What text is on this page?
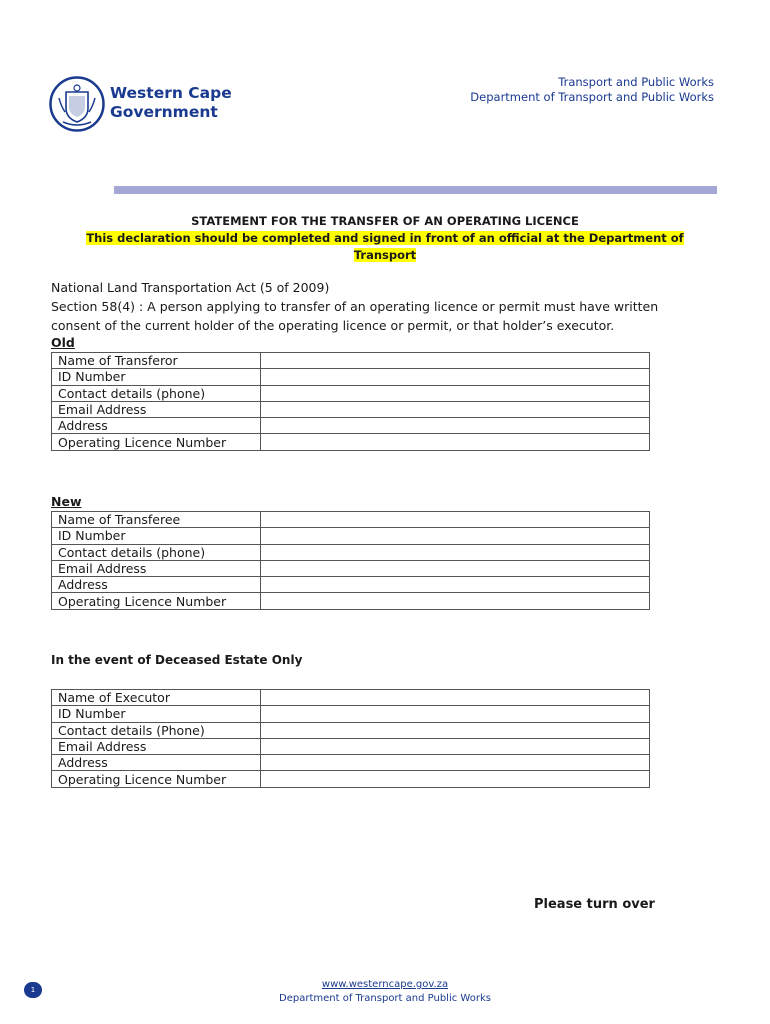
Western Cape
Government
Transport and Public Works
Department of Transport and Public Works
STATEMENT FOR THE TRANSFER OF AN OPERATING LICENCE
This declaration should be completed and signed in front of an official at the Department of
Transport
National Land Transportation Act (5 of 2009)
Section 58(4) : A person applying to transfer of an operating licence or permit must have written
consent of the current holder of the operating licence or permit, or that holder’s executor.
Old
Name of Transferor	
ID Number	
Contact details (phone)	
Email Address	
Address	
Operating Licence Number	
New
Name of Transferee	
ID Number	
Contact details (phone)	
Email Address	
Address	
Operating Licence Number	
In the event of Deceased Estate Only
Name of Executor	
ID Number	
Contact details (Phone)	
Email Address	
Address	
Operating Licence Number	
Please turn over
1	www.westerncape.gov.za
Department of Transport and Public Works
